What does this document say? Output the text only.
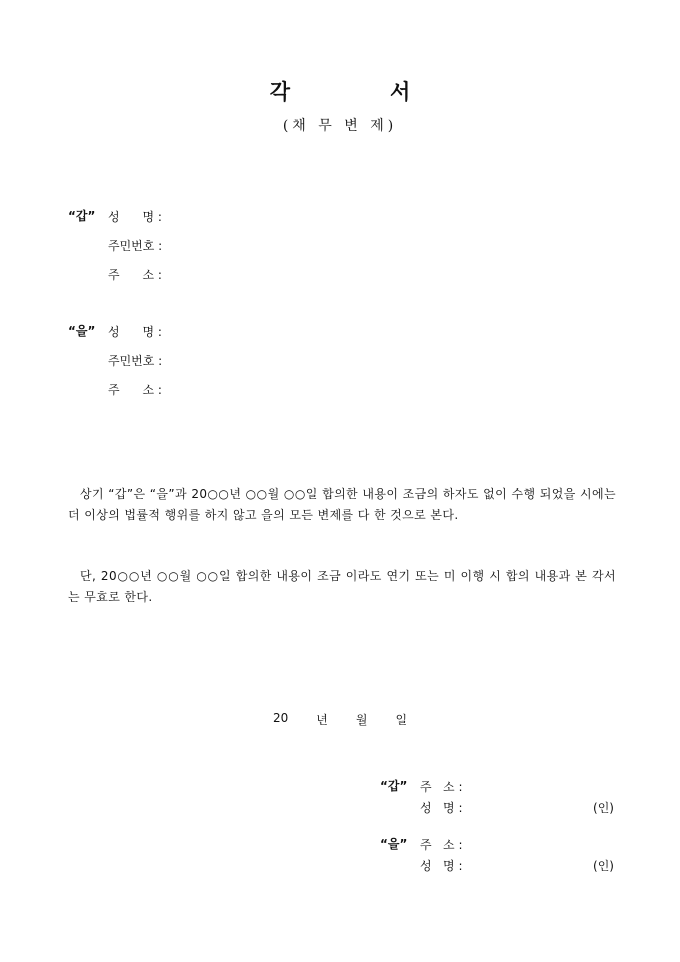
각	서
(채 무 변 제)
“갑” 성      명 :
주민번호 :
주      소 :
“을” 성      명 :
주민번호 :
주      소 :
상기 “갑”은 “을”과 20○○년 ○○월 ○○일 합의한 내용이 조금의 하자도 없이 수행 되었을 시에는 더 이상의 법률적 행위를 하지 않고 을의 모든 변제를 다 한 것으로 본다.
단, 20○○년 ○○월 ○○일 합의한 내용이 조금 이라도 연기 또는 미 이행 시 합의 내용과 본 각서는 무효로 한다.
20 년 월 일
“갑” 주   소 :
성   명 :	(인)
“을” 주   소 :
성   명 :	(인)
